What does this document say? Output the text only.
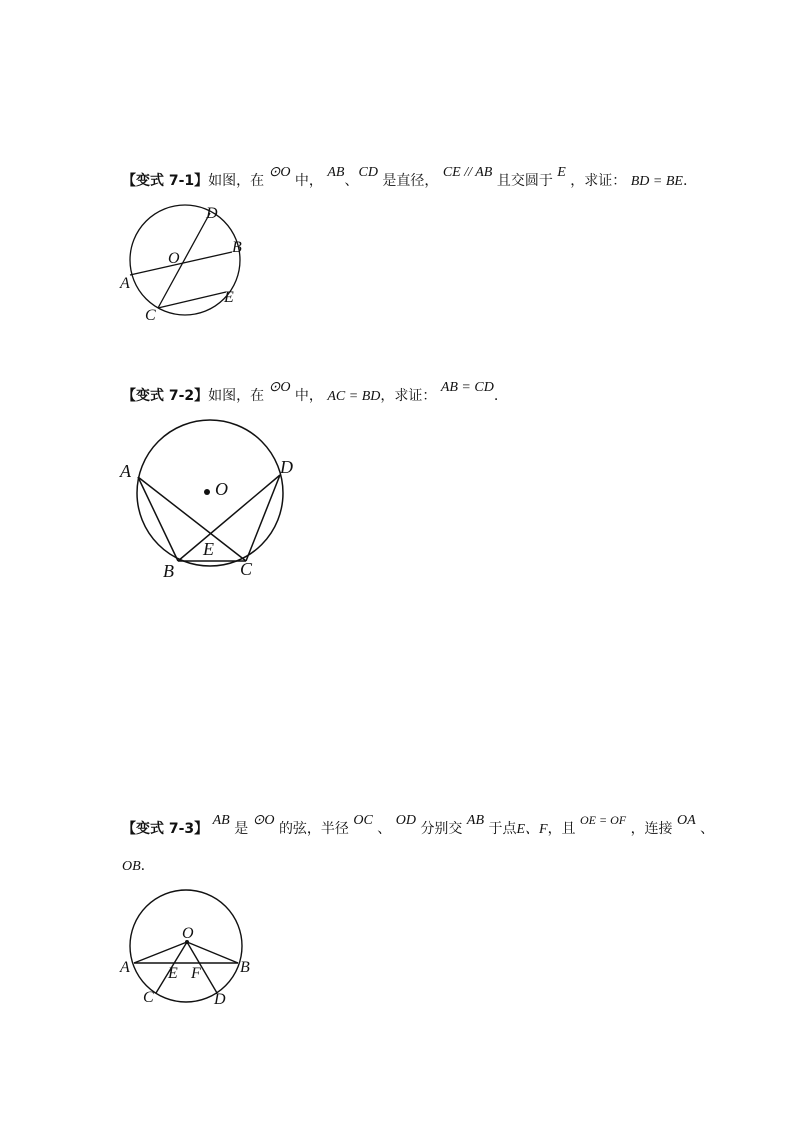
【变式 7-1】如图，在 ⊙O 中， AB、CD 是直径， CE // AB 且交圆于 E ，求证： BD = BE.
D
B
O
A
E
C
【变式 7-2】如图，在 ⊙O 中， AC = BD，求证： AB = CD.
A	D
O
E
B	C
【变式 7-3】 AB 是 ⊙O 的弦，半径 OC 、 OD 分别交 AB 于点E、F，且 OE = OF ，连接 OA 、
OB.
O
A	B
E F
C	D
